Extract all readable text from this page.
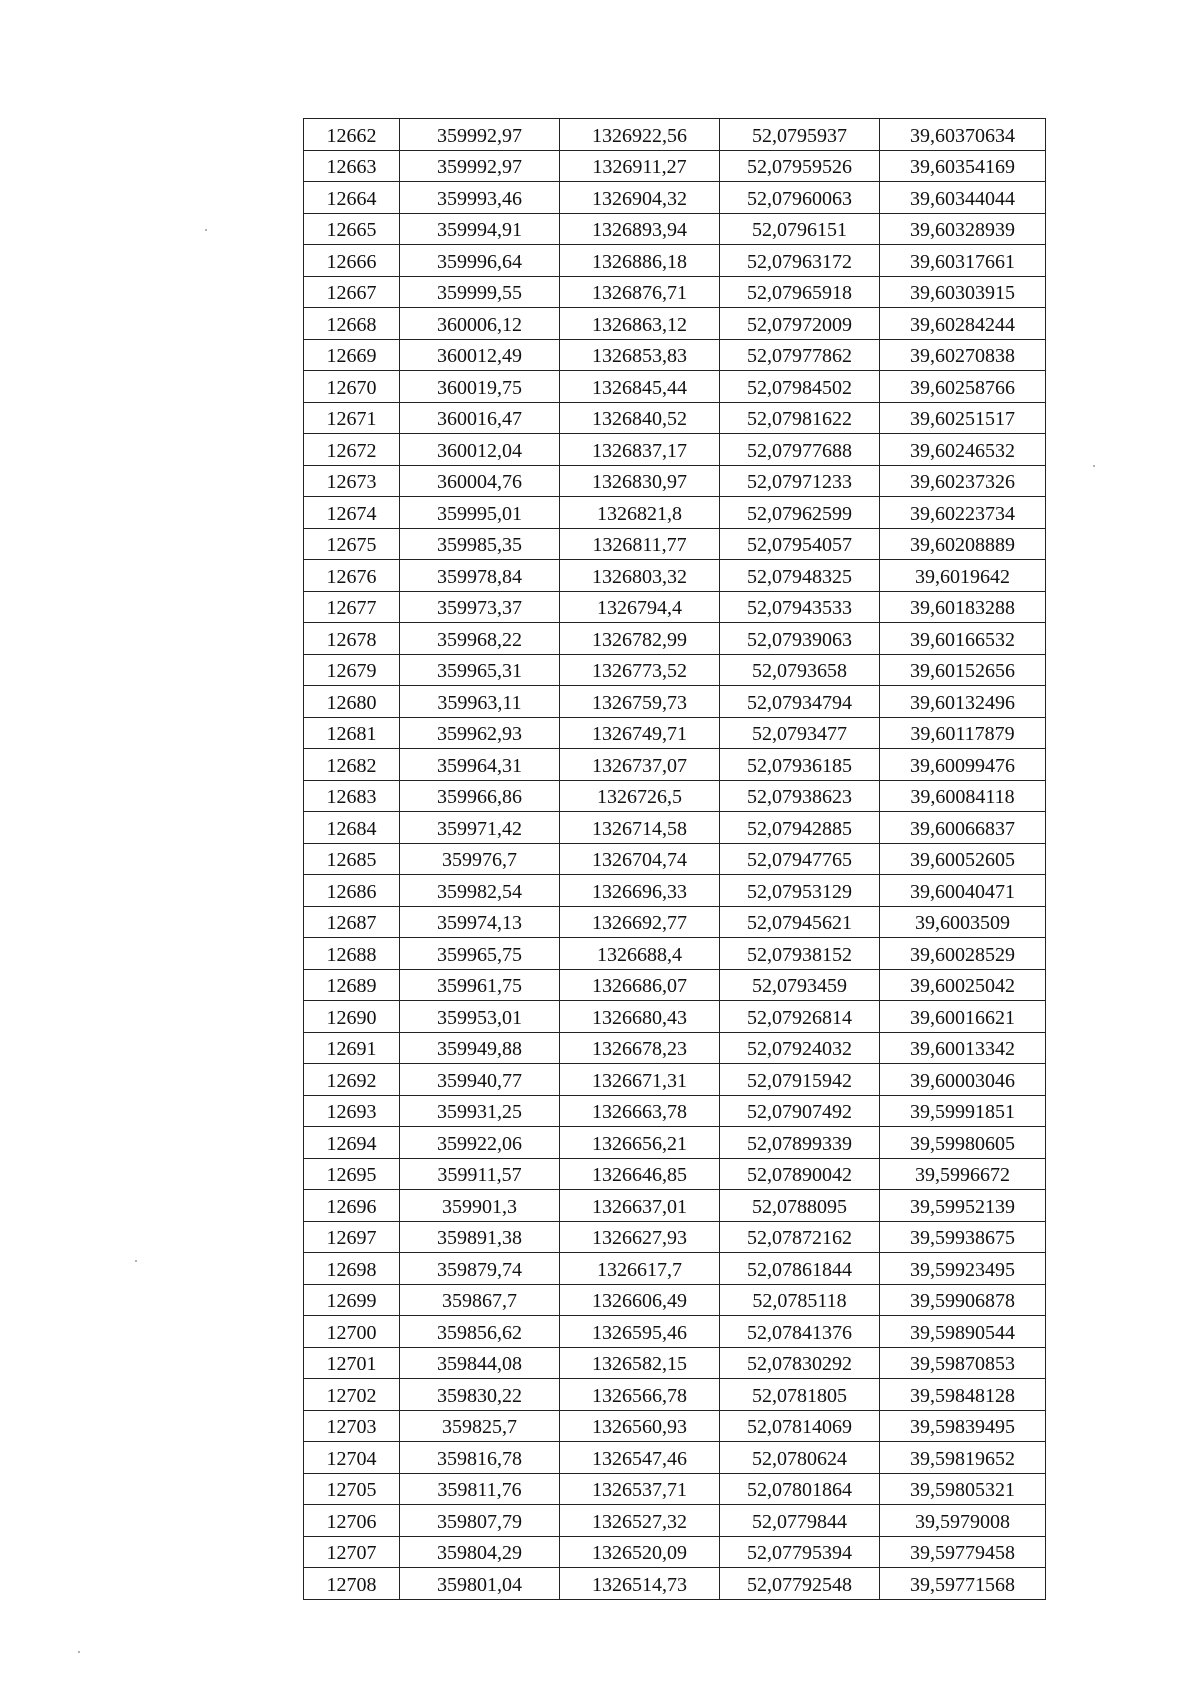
12662	359992,97	1326922,56	52,0795937	39,60370634
12663	359992,97	1326911,27	52,07959526	39,60354169
12664	359993,46	1326904,32	52,07960063	39,60344044
12665	359994,91	1326893,94	52,0796151	39,60328939
12666	359996,64	1326886,18	52,07963172	39,60317661
12667	359999,55	1326876,71	52,07965918	39,60303915
12668	360006,12	1326863,12	52,07972009	39,60284244
12669	360012,49	1326853,83	52,07977862	39,60270838
12670	360019,75	1326845,44	52,07984502	39,60258766
12671	360016,47	1326840,52	52,07981622	39,60251517
12672	360012,04	1326837,17	52,07977688	39,60246532
12673	360004,76	1326830,97	52,07971233	39,60237326
12674	359995,01	1326821,8	52,07962599	39,60223734
12675	359985,35	1326811,77	52,07954057	39,60208889
12676	359978,84	1326803,32	52,07948325	39,6019642
12677	359973,37	1326794,4	52,07943533	39,60183288
12678	359968,22	1326782,99	52,07939063	39,60166532
12679	359965,31	1326773,52	52,0793658	39,60152656
12680	359963,11	1326759,73	52,07934794	39,60132496
12681	359962,93	1326749,71	52,0793477	39,60117879
12682	359964,31	1326737,07	52,07936185	39,60099476
12683	359966,86	1326726,5	52,07938623	39,60084118
12684	359971,42	1326714,58	52,07942885	39,60066837
12685	359976,7	1326704,74	52,07947765	39,60052605
12686	359982,54	1326696,33	52,07953129	39,60040471
12687	359974,13	1326692,77	52,07945621	39,6003509
12688	359965,75	1326688,4	52,07938152	39,60028529
12689	359961,75	1326686,07	52,0793459	39,60025042
12690	359953,01	1326680,43	52,07926814	39,60016621
12691	359949,88	1326678,23	52,07924032	39,60013342
12692	359940,77	1326671,31	52,07915942	39,60003046
12693	359931,25	1326663,78	52,07907492	39,59991851
12694	359922,06	1326656,21	52,07899339	39,59980605
12695	359911,57	1326646,85	52,07890042	39,5996672
12696	359901,3	1326637,01	52,0788095	39,59952139
12697	359891,38	1326627,93	52,07872162	39,59938675
12698	359879,74	1326617,7	52,07861844	39,59923495
12699	359867,7	1326606,49	52,0785118	39,59906878
12700	359856,62	1326595,46	52,07841376	39,59890544
12701	359844,08	1326582,15	52,07830292	39,59870853
12702	359830,22	1326566,78	52,0781805	39,59848128
12703	359825,7	1326560,93	52,07814069	39,59839495
12704	359816,78	1326547,46	52,0780624	39,59819652
12705	359811,76	1326537,71	52,07801864	39,59805321
12706	359807,79	1326527,32	52,0779844	39,5979008
12707	359804,29	1326520,09	52,07795394	39,59779458
12708	359801,04	1326514,73	52,07792548	39,59771568
